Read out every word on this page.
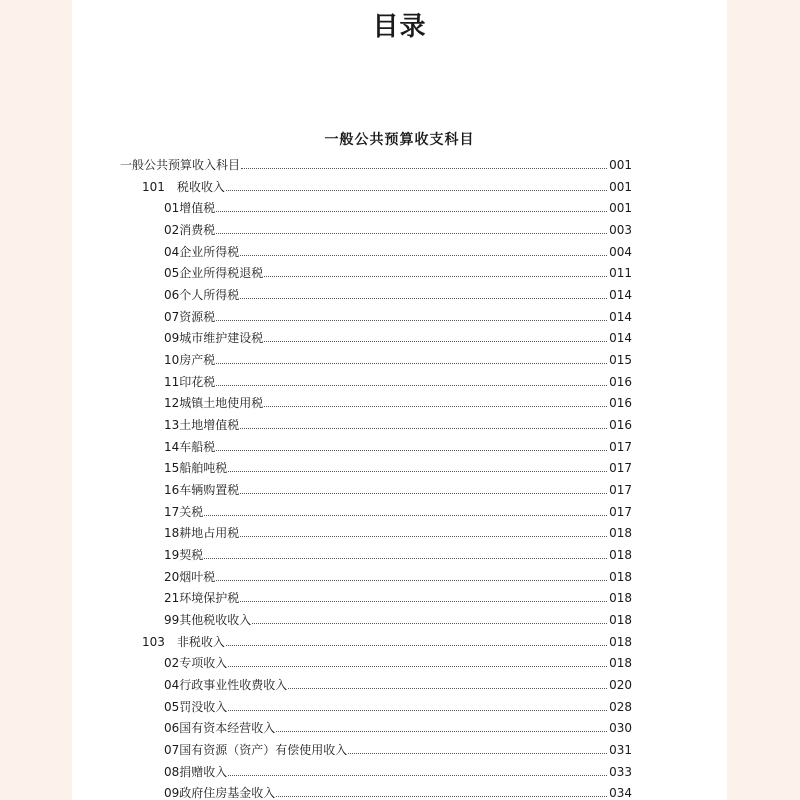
目录
一般公共预算收支科目
一般公共预算收入科目	001
101 税收收入	001
01增值税	001
02消费税	003
04企业所得税	004
05企业所得税退税	011
06个人所得税	014
07资源税	014
09城市维护建设税	014
10房产税	015
11印花税	016
12城镇土地使用税	016
13土地增值税	016
14车船税	017
15船舶吨税	017
16车辆购置税	017
17关税	017
18耕地占用税	018
19契税	018
20烟叶税	018
21环境保护税	018
99其他税收收入	018
103 非税收入	018
02专项收入	018
04行政事业性收费收入	020
05罚没收入	028
06国有资本经营收入	030
07国有资源（资产）有偿使用收入	031
08捐赠收入	033
09政府住房基金收入	034
